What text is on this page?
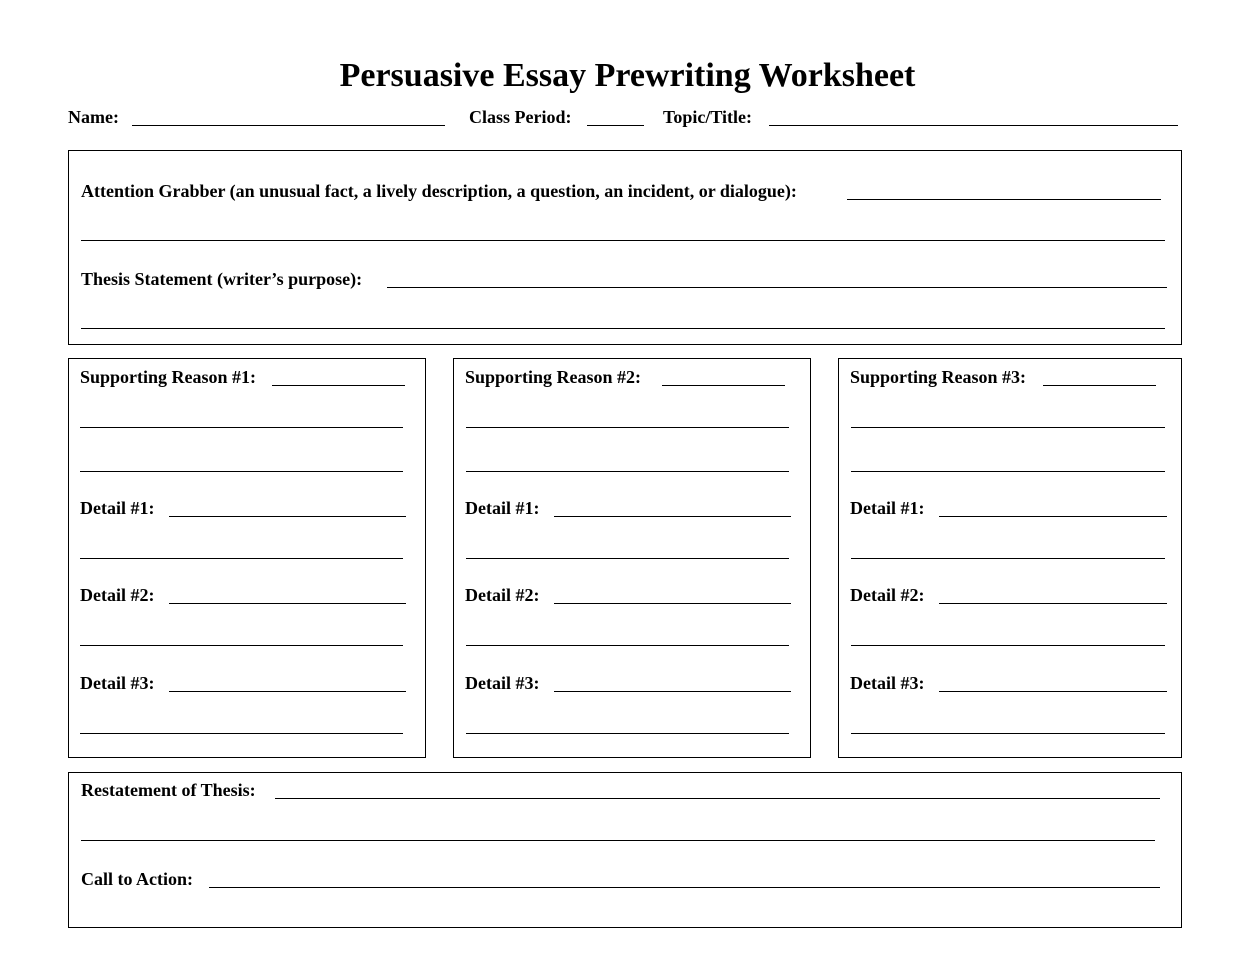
Persuasive Essay Prewriting Worksheet
Name:	Class Period:	Topic/Title:
Attention Grabber (an unusual fact, a lively description, a question, an incident, or dialogue):
Thesis Statement (writer’s purpose):
Supporting Reason #1:
Detail #1:
Detail #2:
Detail #3:
Supporting Reason #2:
Detail #1:
Detail #2:
Detail #3:
Supporting Reason #3:
Detail #1:
Detail #2:
Detail #3:
Restatement of Thesis:
Call to Action:
